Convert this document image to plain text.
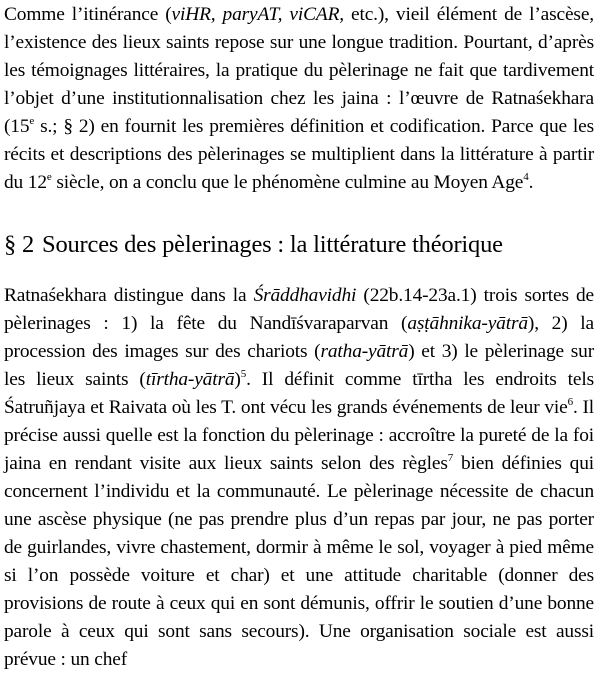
Comme l’itinérance (viHR, paryAT, viCAR, etc.), vieil élément de l’ascèse, l’existence des lieux saints repose sur une longue tradition. Pourtant, d’après les témoignages littéraires, la pratique du pèlerinage ne fait que tardivement l’objet d’une institutionnalisation chez les jaina : l’œuvre de Ratnaśekhara (15e s.; § 2) en fournit les premières définition et codification. Parce que les récits et descriptions des pèlerinages se multiplient dans la littérature à partir du 12e siècle, on a conclu que le phénomène culmine au Moyen Age$^4$.

§ 2 Sources des pèlerinages : la littérature théorique

Ratnaśekhara distingue dans la Śrāddhavidhi (22b.14-23a.1) trois sortes de pèlerinages : 1) la fête du Nandīśvaraparvan (aṣṭāhnika-yātrā), 2) la procession des images sur des chariots (ratha-yātrā) et 3) le pèlerinage sur les lieux saints (tīrtha-yātrā)$^5$. Il définit comme tīrtha les endroits tels Śatruñjaya et Raivata où les T. ont vécu les grands événements de leur vie$^6$. Il précise aussi quelle est la fonction du pèlerinage : accroître la pureté de la foi jaina en rendant visite aux lieux saints selon des règles$^7$ bien définies qui concernent l’individu et la communauté. Le pèlerinage nécessite de chacun une ascèse physique (ne pas prendre plus d’un repas par jour, ne pas porter de guirlandes, vivre chastement, dormir à même le sol, voyager à pied même si l’on possède voiture et char) et une attitude charitable (donner des provisions de route à ceux qui en sont démunis, offrir le soutien d’une bonne parole à ceux qui sont sans secours). Une organisation sociale est aussi prévue : un chef
